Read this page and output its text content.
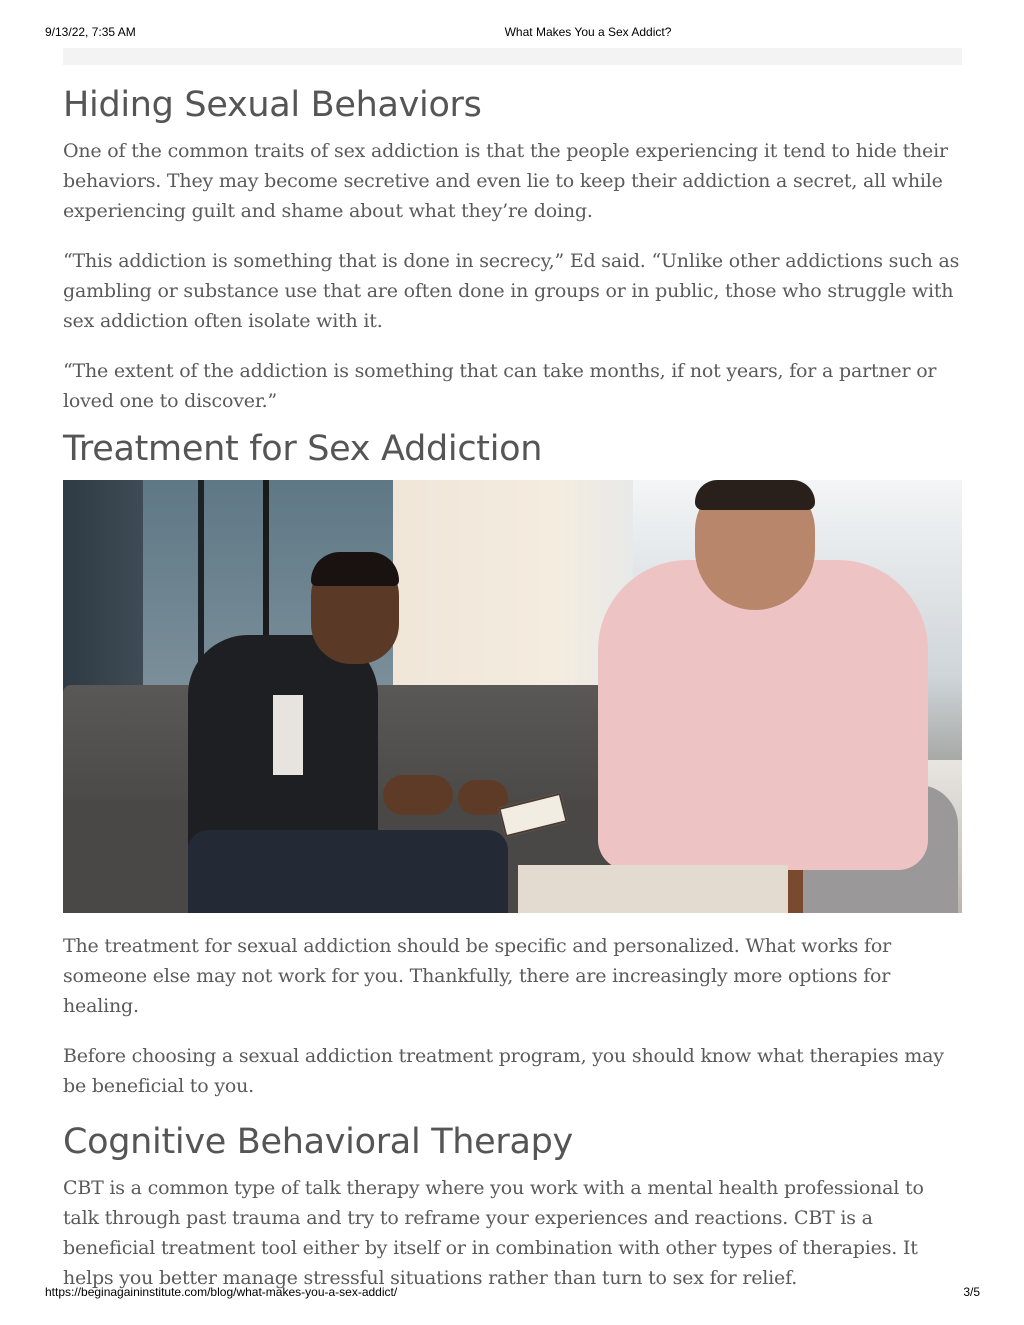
9/13/22, 7:35 AM	What Makes You a Sex Addict?
Hiding Sexual Behaviors

One of the common traits of sex addiction is that the people experiencing it tend to hide their behaviors. They may become secretive and even lie to keep their addiction a secret, all while experiencing guilt and shame about what they’re doing.

“This addiction is something that is done in secrecy,” Ed said. “Unlike other addictions such as gambling or substance use that are often done in groups or in public, those who struggle with sex addiction often isolate with it.

“The extent of the addiction is something that can take months, if not years, for a partner or loved one to discover.”

Treatment for Sex Addiction

The treatment for sexual addiction should be specific and personalized. What works for someone else may not work for you. Thankfully, there are increasingly more options for healing.

Before choosing a sexual addiction treatment program, you should know what therapies may be beneficial to you.

Cognitive Behavioral Therapy

CBT is a common type of talk therapy where you work with a mental health professional to talk through past trauma and try to reframe your experiences and reactions. CBT is a beneficial treatment tool either by itself or in combination with other types of therapies. It helps you better manage stressful situations rather than turn to sex for relief.

https://beginagaininstitute.com/blog/what-makes-you-a-sex-addict/	3/5
